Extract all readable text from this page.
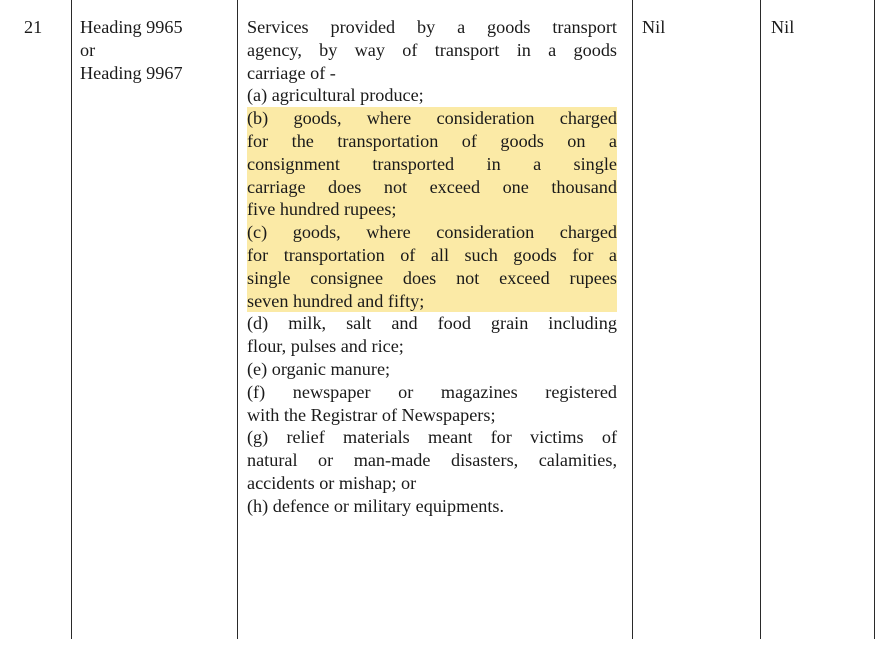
21	Heading 9965
or
Heading 9967
Services provided by a goods transport
agency, by way of transport in a goods
carriage of -
(a) agricultural produce;
(b) goods, where consideration charged
for the transportation of goods on a
consignment transported in a single
carriage does not exceed one thousand
five hundred rupees;
(c) goods, where consideration charged
for transportation of all such goods for a
single consignee does not exceed rupees
seven hundred and fifty;
(d) milk, salt and food grain including
flour, pulses and rice;
(e) organic manure;
(f) newspaper or magazines registered
with the Registrar of Newspapers;
(g) relief materials meant for victims of
natural or man-made disasters, calamities,
accidents or mishap; or
(h) defence or military equipments.
Nil	Nil
